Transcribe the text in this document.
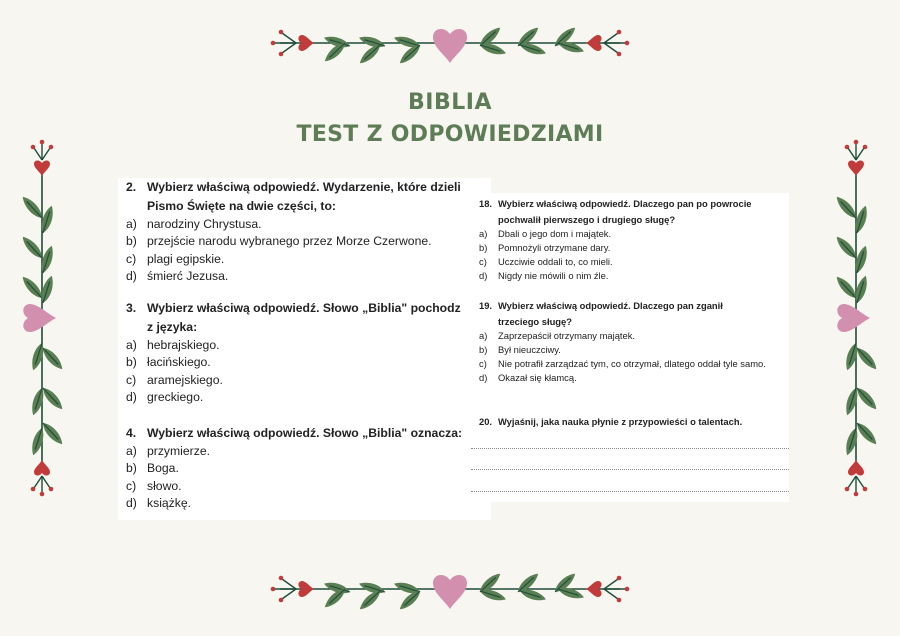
BIBLIA
TEST Z ODPOWIEDZIAMI
2. Wybierz właściwą odpowiedź. Wydarzenie, które dzieli
Pismo Święte na dwie części, to:
a) narodziny Chrystusa.
b) przejście narodu wybranego przez Morze Czerwone.
c) plagi egipskie.
d) śmierć Jezusa.
3. Wybierz właściwą odpowiedź. Słowo „Biblia" pochodz
z języka:
a) hebrajskiego.
b) łacińskiego.
c) aramejskiego.
d) greckiego.
4. Wybierz właściwą odpowiedź. Słowo „Biblia" oznacza:
a) przymierze.
b) Boga.
c) słowo.
d) książkę.
18. Wybierz właściwą odpowiedź. Dlaczego pan po powrocie
pochwalił pierwszego i drugiego sługę?
a)	Dbali o jego dom i majątek.
b)	Pomnożyli otrzymane dary.
c)	Uczciwie oddali to, co mieli.
d)	Nigdy nie mówili o nim źle.
19. Wybierz właściwą odpowiedź. Dlaczego pan zganił
trzeciego sługę?
a)	Zaprzepaścił otrzymany majątek.
b)	Był nieuczciwy.
c)	Nie potrafił zarządzać tym, co otrzymał, dlatego oddał tyle samo.
d)	Okazał się kłamcą.
20. Wyjaśnij, jaka nauka płynie z przypowieści o talentach.
